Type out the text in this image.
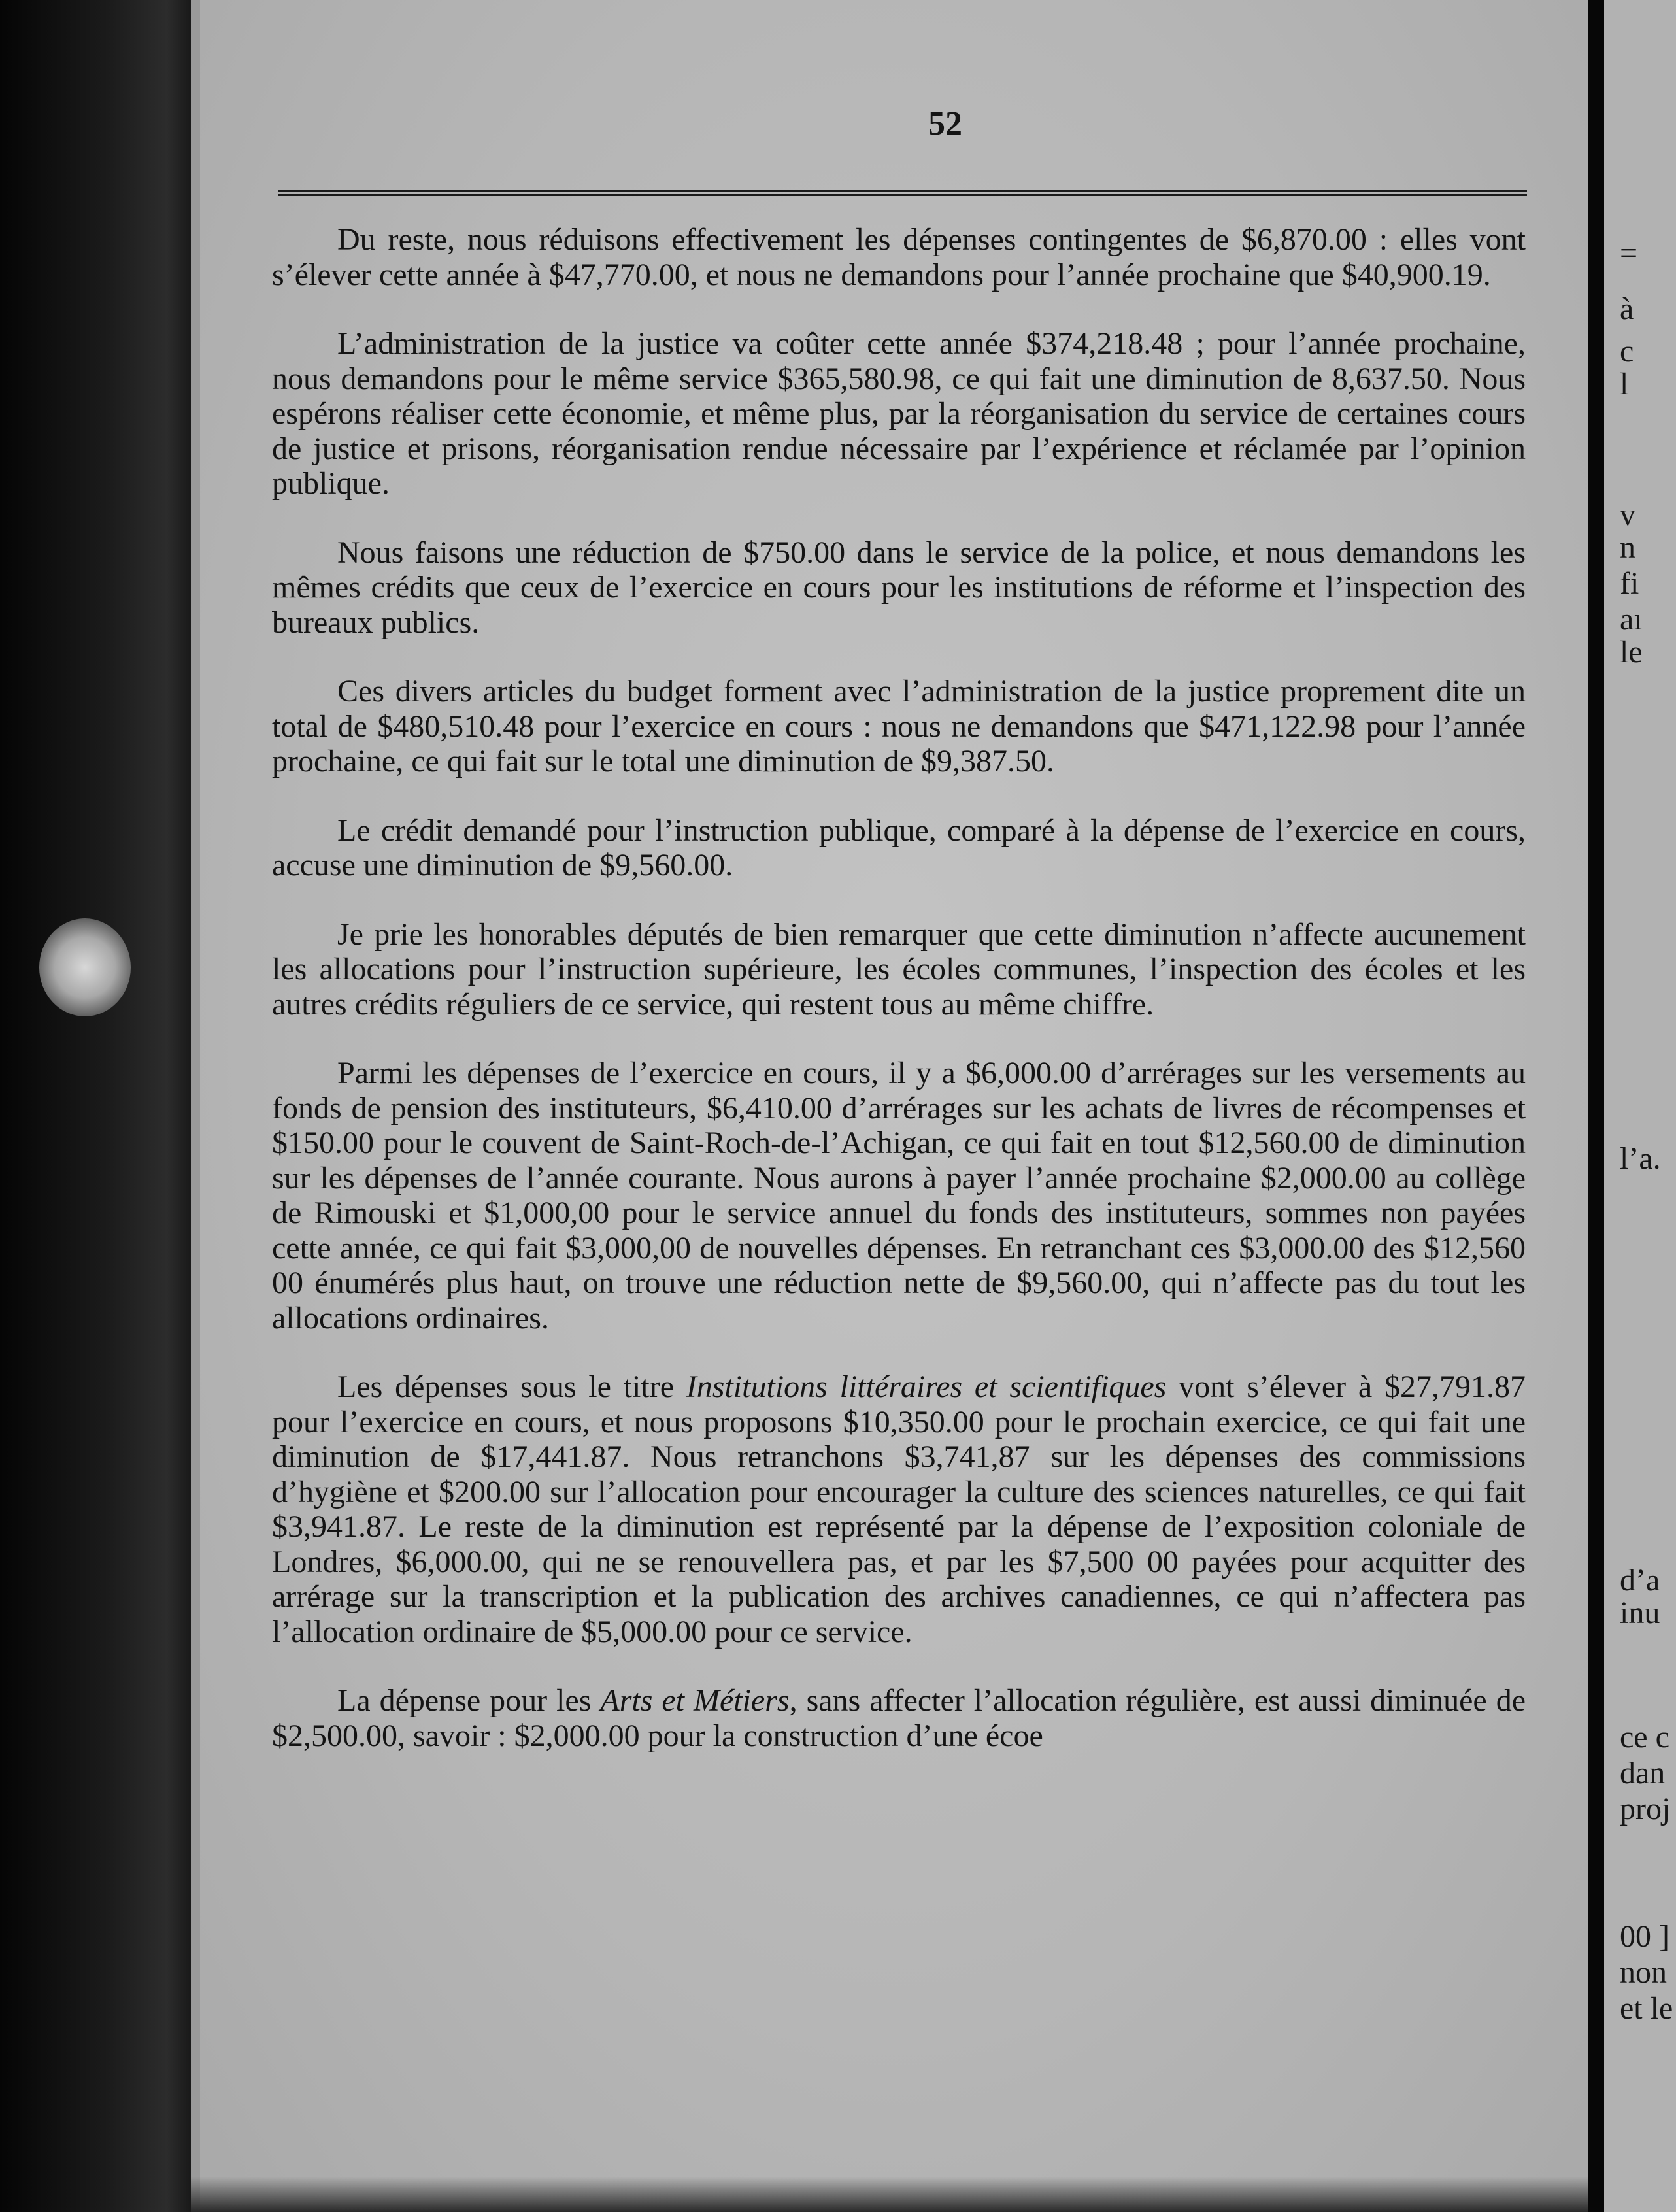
52

Du reste, nous réduisons effectivement les dépenses contingentes de $6,870.00 : elles vont s’élever cette année à $47,770.00, et nous ne demandons pour l’année prochaine que $40,900.19.

L’administration de la justice va coûter cette année $374,218.48 ; pour l’année prochaine, nous demandons pour le même service $365,580.98, ce qui fait une diminution de 8,637.50. Nous espérons réaliser cette économie, et même plus, par la réorganisation du service de certaines cours de justice et prisons, réorganisation rendue nécessaire par l’expérience et réclamée par l’opinion publique.

Nous faisons une réduction de $750.00 dans le service de la police, et nous demandons les mêmes crédits que ceux de l’exercice en cours pour les institutions de réforme et l’inspection des bureaux publics.

Ces divers articles du budget forment avec l’administration de la justice proprement dite un total de $480,510.48 pour l’exercice en cours : nous ne demandons que $471,122.98 pour l’année prochaine, ce qui fait sur le total une diminution de $9,387.50.

Le crédit demandé pour l’instruction publique, comparé à la dépense de l’exercice en cours, accuse une diminution de $9,560.00.

Je prie les honorables députés de bien remarquer que cette diminution n’affecte aucunement les allocations pour l’instruction supérieure, les écoles communes, l’inspection des écoles et les autres crédits réguliers de ce service, qui restent tous au même chiffre.

Parmi les dépenses de l’exercice en cours, il y a $6,000.00 d’arrérages sur les versements au fonds de pension des instituteurs, $6,410.00 d’arrérages sur les achats de livres de récompenses et $150.00 pour le couvent de Saint-Roch-de-l’Achigan, ce qui fait en tout $12,560.00 de diminution sur les dépenses de l’année courante. Nous aurons à payer l’année prochaine $2,000.00 au collège de Rimouski et $1,000,00 pour le service annuel du fonds des instituteurs, sommes non payées cette année, ce qui fait $3,000,00 de nouvelles dépenses. En retranchant ces $3,000.00 des $12,560 00 énumérés plus haut, on trouve une réduction nette de $9,560.00, qui n’affecte pas du tout les allocations ordinaires.

Les dépenses sous le titre Institutions littéraires et scientifiques vont s’élever à $27,791.87 pour l’exercice en cours, et nous proposons $10,350.00 pour le prochain exercice, ce qui fait une diminution de $17,441.87. Nous retranchons $3,741,87 sur les dépenses des commissions d’hygiène et $200.00 sur l’allocation pour encourager la culture des sciences naturelles, ce qui fait $3,941.87. Le reste de la diminution est représenté par la dépense de l’exposition coloniale de Londres, $6,000.00, qui ne se renouvellera pas, et par les $7,500 00 payées pour acquitter des arrérage sur la transcription et la publication des archives canadiennes, ce qui n’affectera pas l’allocation ordinaire de $5,000.00 pour ce service.

La dépense pour les Arts et Métiers, sans affecter l’allocation régulière, est aussi diminuée de $2,500.00, savoir : $2,000.00 pour la construction d’une écoe

=
à
c
l
v
n
fi
aı
le
l’a.
d’a
inu
ce c
dan
proj
00 ]
non
et le
